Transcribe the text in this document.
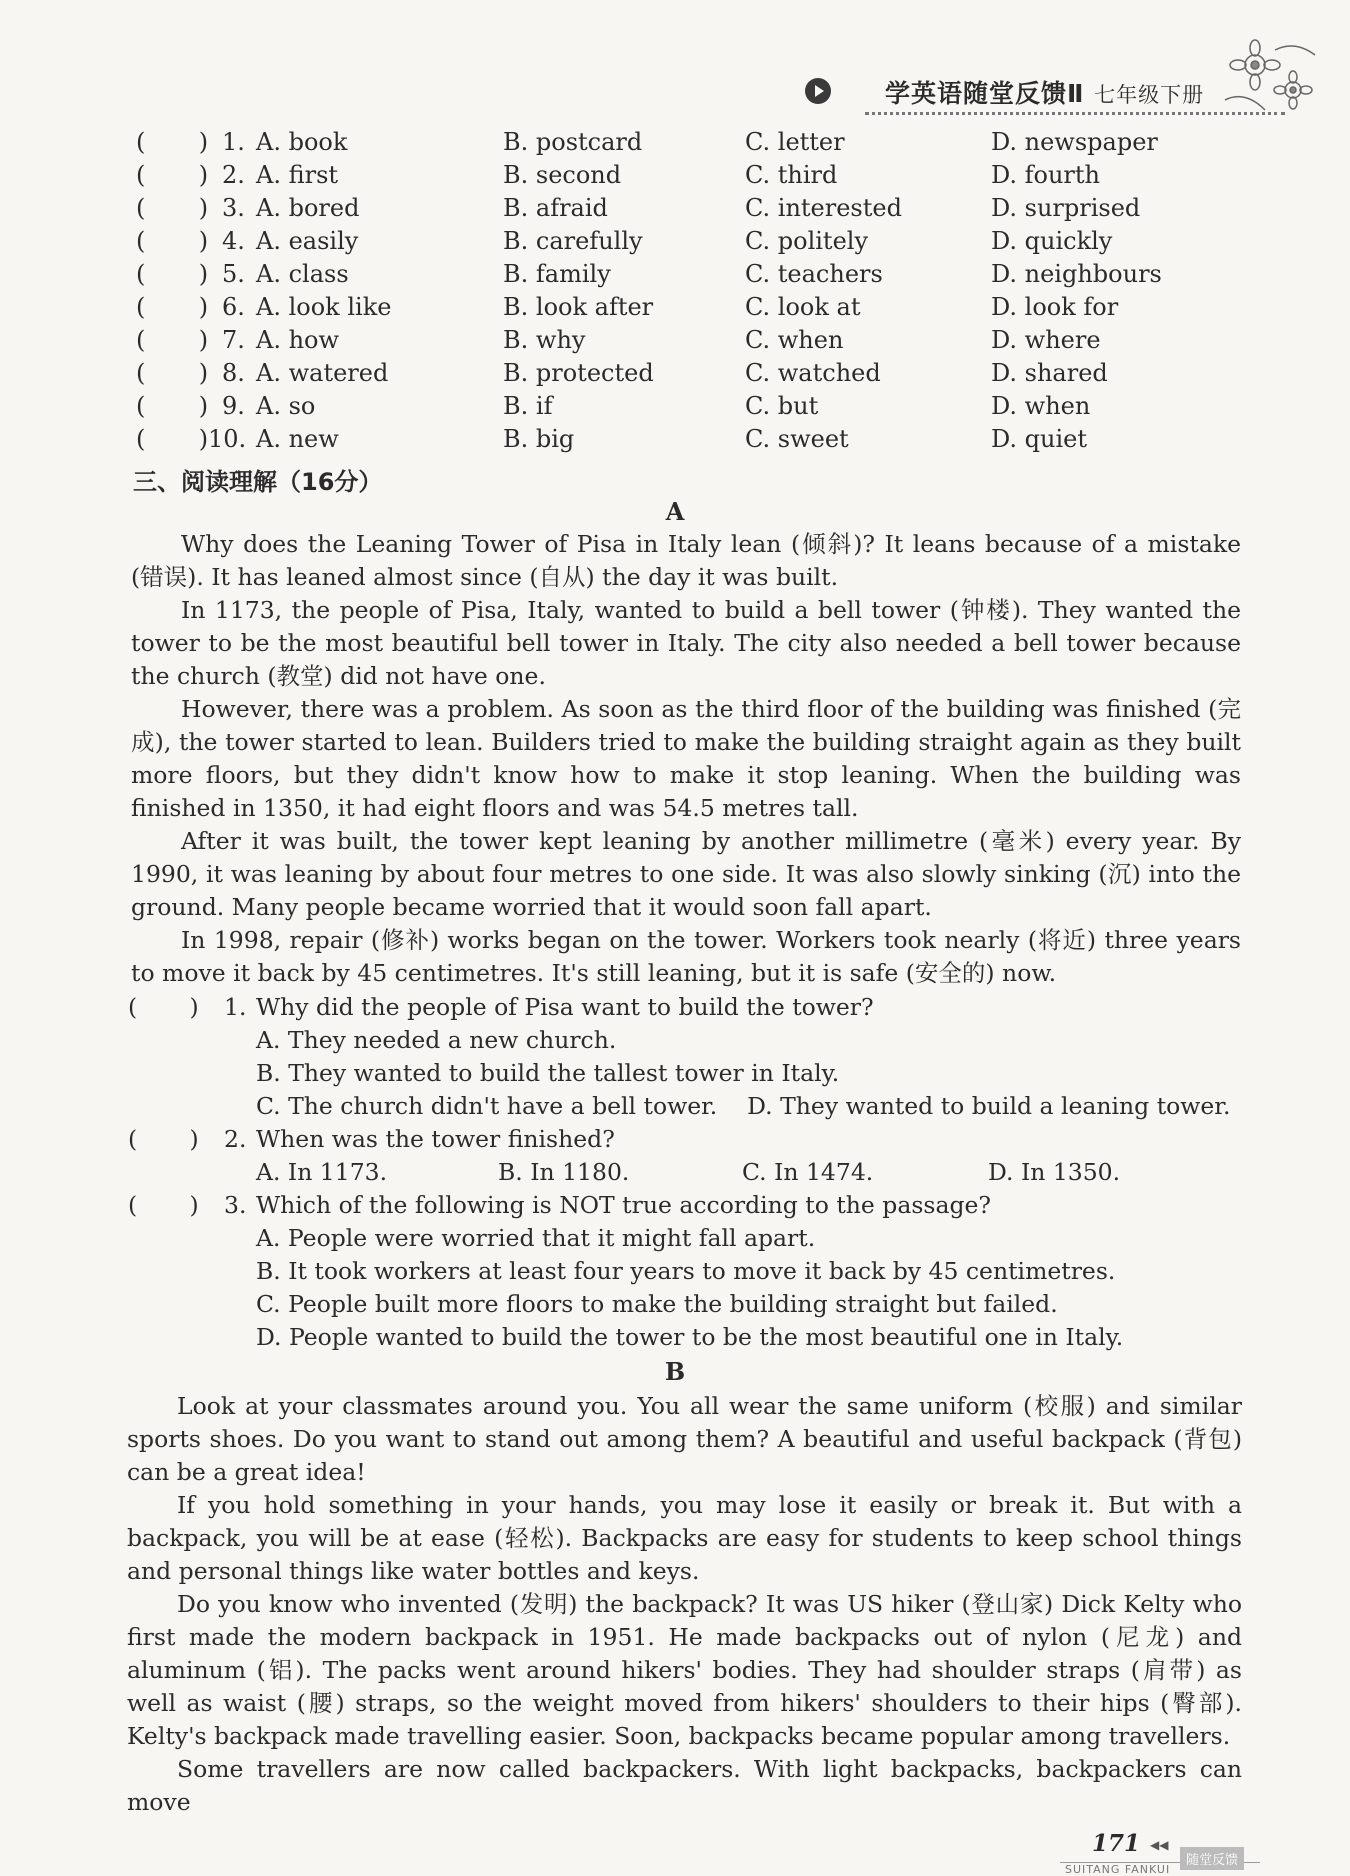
学英语随堂反馈Ⅱ 七年级下册
(       ) 1. A. book	B. postcard	C. letter	D. newspaper
(       ) 2. A. first	B. second	C. third	D. fourth
(       ) 3. A. bored	B. afraid	C. interested	D. surprised
(       ) 4. A. easily	B. carefully	C. politely	D. quickly
(       ) 5. A. class	B. family	C. teachers	D. neighbours
(       ) 6. A. look like	B. look after	C. look at	D. look for
(       ) 7. A. how	B. why	C. when	D. where
(       ) 8. A. watered	B. protected	C. watched	D. shared
(       ) 9. A. so	B. if	C. but	D. when
(       ) 10. A. new	B. big	C. sweet	D. quiet
三、阅读理解（16分）
A

Why does the Leaning Tower of Pisa in Italy lean (倾斜)? It leans because of a mistake (错误). It has leaned almost since (自从) the day it was built.

In 1173, the people of Pisa, Italy, wanted to build a bell tower (钟楼). They wanted the tower to be the most beautiful bell tower in Italy. The city also needed a bell tower because the church (教堂) did not have one.

However, there was a problem. As soon as the third floor of the building was finished (完成), the tower started to lean. Builders tried to make the building straight again as they built more floors, but they didn't know how to make it stop leaning. When the building was finished in 1350, it had eight floors and was 54.5 metres tall.

After it was built, the tower kept leaning by another millimetre (毫米) every year. By 1990, it was leaning by about four metres to one side. It was also slowly sinking (沉) into the ground. Many people became worried that it would soon fall apart.

In 1998, repair (修补) works began on the tower. Workers took nearly (将近) three years to move it back by 45 centimetres. It's still leaning, but it is safe (安全的) now.

(       ) 1. Why did the people of Pisa want to build the tower?
A. They needed a new church.
B. They wanted to build the tallest tower in Italy.
C. The church didn't have a bell tower.    D. They wanted to build a leaning tower.
(       ) 2. When was the tower finished?
A. In 1173.	B. In 1180.	C. In 1474.	D. In 1350.
(       ) 3. Which of the following is NOT true according to the passage?
A. People were worried that it might fall apart.
B. It took workers at least four years to move it back by 45 centimetres.
C. People built more floors to make the building straight but failed.
D. People wanted to build the tower to be the most beautiful one in Italy.
B

Look at your classmates around you. You all wear the same uniform (校服) and similar sports shoes. Do you want to stand out among them? A beautiful and useful backpack (背包) can be a great idea!

If you hold something in your hands, you may lose it easily or break it. But with a backpack, you will be at ease (轻松). Backpacks are easy for students to keep school things and personal things like water bottles and keys.

Do you know who invented (发明) the backpack? It was US hiker (登山家) Dick Kelty who first made the modern backpack in 1951. He made backpacks out of nylon (尼龙) and aluminum (铝). The packs went around hikers' bodies. They had shoulder straps (肩带) as well as waist (腰) straps, so the weight moved from hikers' shoulders to their hips (臀部). Kelty's backpack made travelling easier. Soon, backpacks became popular among travellers.

Some travellers are now called backpackers. With light backpacks, backpackers can move

171 ◀◀
SUITANG FANKUI
随堂反馈
